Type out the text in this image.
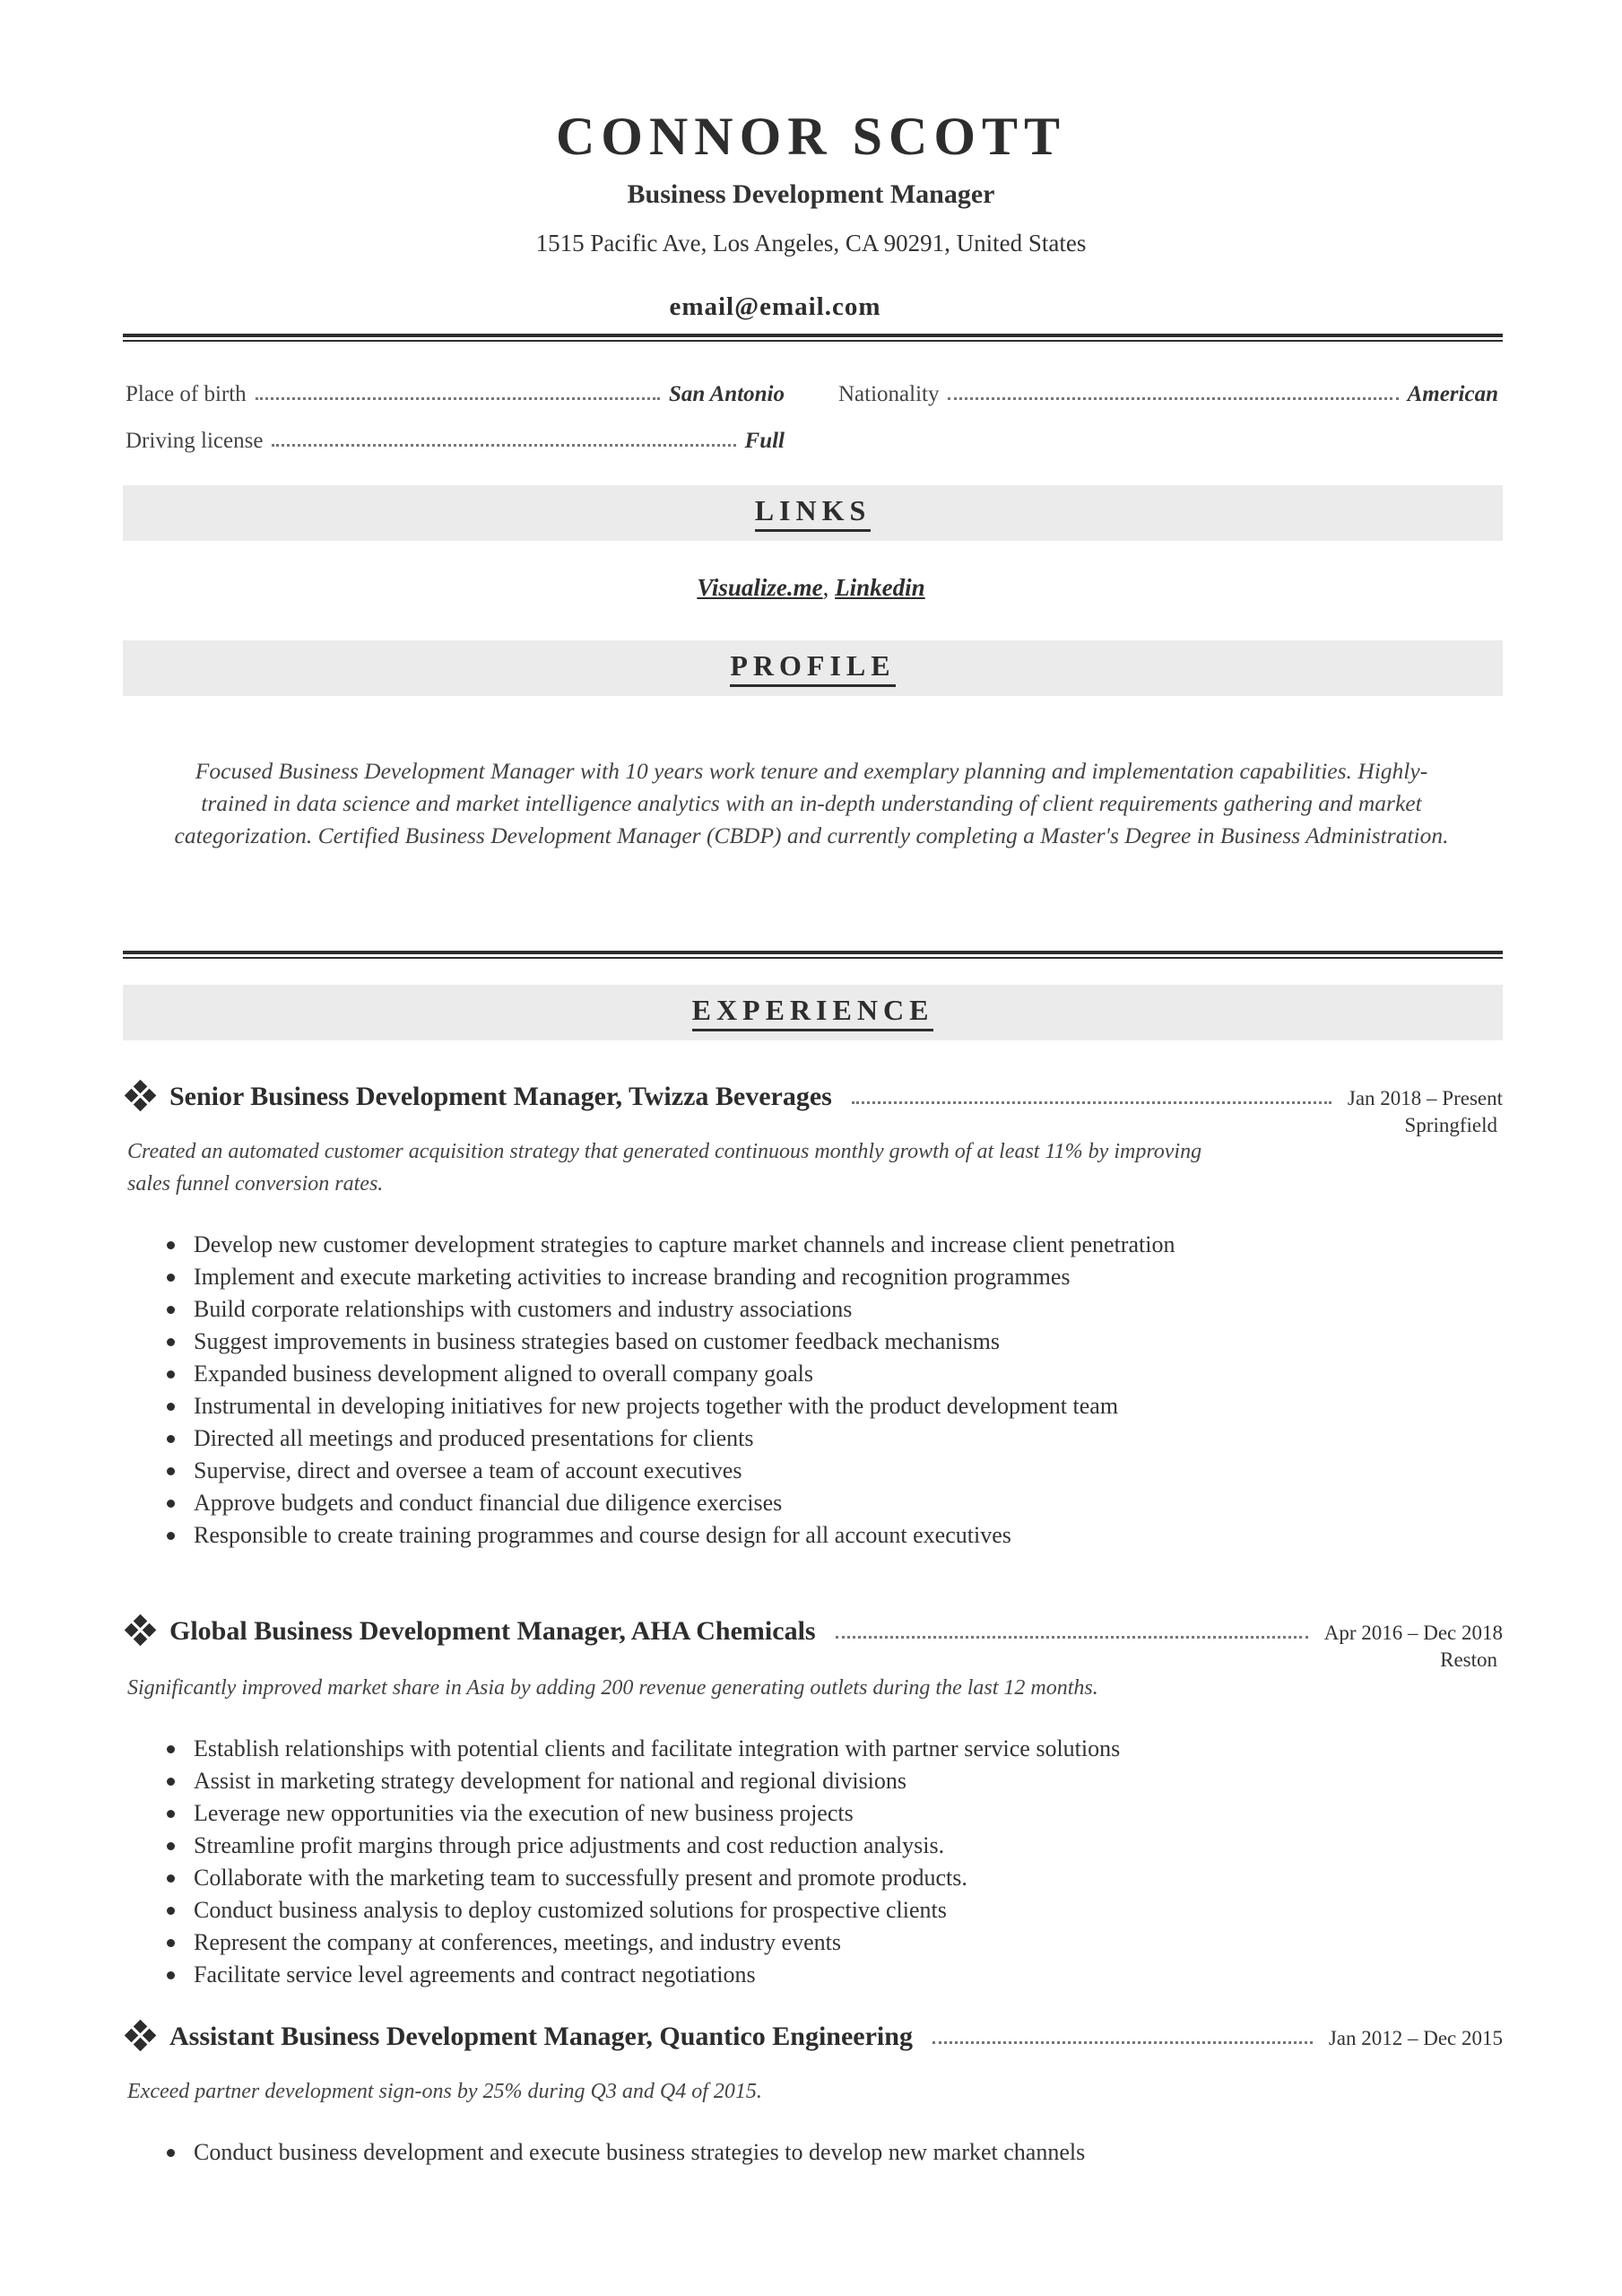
CONNOR SCOTT
Business Development Manager
1515 Pacific Ave, Los Angeles, CA 90291, United States
email@email.com
Place of birth	San Antonio Nationality	American
Driving license	Full
LINKS
Visualize.me, Linkedin
PROFILE
Focused Business Development Manager with 10 years work tenure and exemplary planning and implementation capabilities. Highly-trained in data science and market intelligence analytics with an in-depth understanding of client requirements gathering and market categorization. Certified Business Development Manager (CBDP) and currently completing a Master's Degree in Business Administration.
EXPERIENCE
Senior Business Development Manager, Twizza Beverages	Jan 2018 – Present
Springfield
Created an automated customer acquisition strategy that generated continuous monthly growth of at least 11% by improving sales funnel conversion rates.
Develop new customer development strategies to capture market channels and increase client penetration
Implement and execute marketing activities to increase branding and recognition programmes
Build corporate relationships with customers and industry associations
Suggest improvements in business strategies based on customer feedback mechanisms
Expanded business development aligned to overall company goals
Instrumental in developing initiatives for new projects together with the product development team
Directed all meetings and produced presentations for clients
Supervise, direct and oversee a team of account executives
Approve budgets and conduct financial due diligence exercises
Responsible to create training programmes and course design for all account executives
Global Business Development Manager, AHA Chemicals	Apr 2016 – Dec 2018
Reston
Significantly improved market share in Asia by adding 200 revenue generating outlets during the last 12 months.
Establish relationships with potential clients and facilitate integration with partner service solutions
Assist in marketing strategy development for national and regional divisions
Leverage new opportunities via the execution of new business projects
Streamline profit margins through price adjustments and cost reduction analysis.
Collaborate with the marketing team to successfully present and promote products.
Conduct business analysis to deploy customized solutions for prospective clients
Represent the company at conferences, meetings, and industry events
Facilitate service level agreements and contract negotiations
Assistant Business Development Manager, Quantico Engineering	Jan 2012 – Dec 2015
Exceed partner development sign-ons by 25% during Q3 and Q4 of 2015.
Conduct business development and execute business strategies to develop new market channels
